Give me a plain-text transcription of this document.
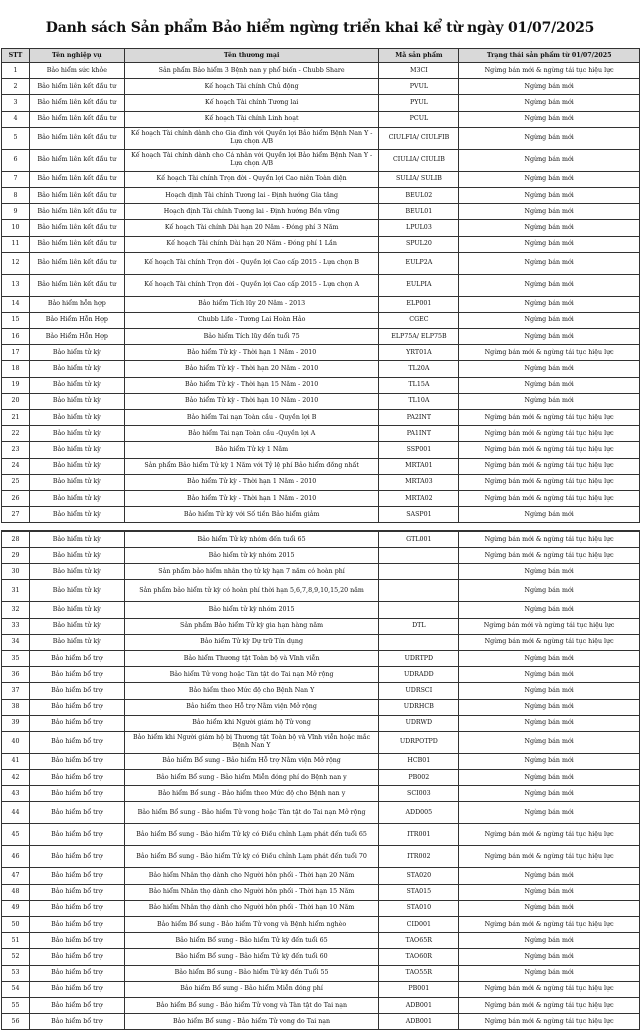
Danh sách Sản phẩm Bảo hiểm ngừng triển khai kể từ ngày 01/07/2025
STT	Tên nghiệp vụ	Tên thương mại	Mã sản phẩm	Trạng thái sản phẩm từ 01/07/2025
1	Bảo hiểm sức khỏe	Sản phẩm Bảo hiểm 3 Bệnh nan y phổ biến - Chubb Share	M3CI	Ngừng bán mới & ngừng tái tục hiệu lực
2	Bảo hiểm liên kết đầu tư	Kế hoạch Tài chính Chủ động	PVUL	Ngừng bán mới
3	Bảo hiểm liên kết đầu tư	Kế hoạch Tài chính Tương lai	PYUL	Ngừng bán mới
4	Bảo hiểm liên kết đầu tư	Kế hoạch Tài chính Linh hoạt	PCUL	Ngừng bán mới
5	Bảo hiểm liên kết đầu tư	Kế hoạch Tài chính dành cho Gia đình với Quyền lợi Bảo hiểm Bệnh Nan Y - Lựa chọn A/B	CIULFIA/ CIULFIB	Ngừng bán mới
6	Bảo hiểm liên kết đầu tư	Kế hoạch Tài chính dành cho Cá nhân với Quyền lợi Bảo hiểm Bệnh Nan Y - Lựa chọn A/B	CIULIA/ CIULIB	Ngừng bán mới
7	Bảo hiểm liên kết đầu tư	Kế hoạch Tài chính Trọn đời - Quyền lợi Cao niên Toàn diện	SULIA/ SULIB	Ngừng bán mới
8	Bảo hiểm liên kết đầu tư	Hoạch định Tài chính Tương lai - Định hướng Gia tăng	BEUL02	Ngừng bán mới
9	Bảo hiểm liên kết đầu tư	Hoạch định Tài chính Tương lai - Định hướng Bền vững	BEUL01	Ngừng bán mới
10	Bảo hiểm liên kết đầu tư	Kế hoạch Tài chính Dài hạn 20 Năm - Đóng phí 3 Năm	LPUL03	Ngừng bán mới
11	Bảo hiểm liên kết đầu tư	Kế hoạch Tài chính Dài hạn 20 Năm - Đóng phí 1 Lần	SPUL20	Ngừng bán mới
12	Bảo hiểm liên kết đầu tư	Kế hoạch Tài chính Trọn đời - Quyền lợi Cao cấp 2015 - Lựa chọn B	EULP2A	Ngừng bán mới
13	Bảo hiểm liên kết đầu tư	Kế hoạch Tài chính Trọn đời - Quyền lợi Cao cấp 2015 - Lựa chọn A	EULPIA	Ngừng bán mới
14	Bảo hiểm hỗn hợp	Bảo hiểm Tích lũy 20 Năm - 2013	ELP001	Ngừng bán mới
15	Bảo Hiểm Hỗn Hợp	Chubb Life - Tương Lai Hoàn Hảo	CGEC	Ngừng bán mới
16	Bảo Hiểm Hỗn Hợp	Bảo hiểm Tích lũy đến tuổi 75	ELP75A/ ELP75B	Ngừng bán mới
17	Bảo hiểm tử kỳ	Bảo hiểm Tử kỳ - Thời hạn 1 Năm - 2010	YRT01A	Ngừng bán mới & ngừng tái tục hiệu lực
18	Bảo hiểm tử kỳ	Bảo hiểm Tử kỳ - Thời hạn 20 Năm - 2010	TL20A	Ngừng bán mới
19	Bảo hiểm tử kỳ	Bảo hiểm Tử kỳ - Thời hạn 15 Năm - 2010	TL15A	Ngừng bán mới
20	Bảo hiểm tử kỳ	Bảo hiểm Tử kỳ - Thời hạn 10 Năm - 2010	TL10A	Ngừng bán mới
21	Bảo hiểm tử kỳ	Bảo hiểm Tai nạn Toàn cầu - Quyền lợi B	PA2INT	Ngừng bán mới & ngừng tái tục hiệu lực
22	Bảo hiểm tử kỳ	Bảo hiểm Tai nạn Toàn cầu -Quyền lợi A	PA1INT	Ngừng bán mới & ngừng tái tục hiệu lực
23	Bảo hiểm tử kỳ	Bảo hiểm Tử kỳ 1 Năm	SSP001	Ngừng bán mới & ngừng tái tục hiệu lực
24	Bảo hiểm tử kỳ	Sản phẩm Bảo hiểm Tử kỳ 1 Năm với Tỷ lệ phí Bảo hiểm đồng nhất	MRTA01	Ngừng bán mới & ngừng tái tục hiệu lực
25	Bảo hiểm tử kỳ	Bảo hiểm Tử kỳ - Thời hạn 1 Năm - 2010	MRTA03	Ngừng bán mới & ngừng tái tục hiệu lực
26	Bảo hiểm tử kỳ	Bảo hiểm Tử kỳ - Thời hạn 1 Năm - 2010	MRTA02	Ngừng bán mới & ngừng tái tục hiệu lực
27	Bảo hiểm tử kỳ	Bảo hiểm Tử kỳ với Số tiền Bảo hiểm giảm	SASP01	Ngừng bán mới
28	Bảo hiểm tử kỳ	Bảo hiểm Tử kỳ nhóm đến tuổi 65	GTL001	Ngừng bán mới & ngừng tái tục hiệu lực
29	Bảo hiểm tử kỳ	Bảo hiểm tử kỳ nhóm 2015		Ngừng bán mới & ngừng tái tục hiệu lực
30	Bảo hiểm tử kỳ	Sản phẩm bảo hiểm nhân thọ tử kỳ hạn 7 năm có hoàn phí		Ngừng bán mới
31	Bảo hiểm tử kỳ	Sản phẩm bảo hiểm tử kỳ có hoàn phí thời hạn 5,6,7,8,9,10,15,20 năm		Ngừng bán mới
32	Bảo hiểm tử kỳ	Bảo hiểm tử kỳ nhóm 2015		Ngừng bán mới
33	Bảo hiểm tử kỳ	Sản phẩm Bảo hiểm Tử kỳ gia hạn hàng năm	DTL	Ngừng bán mới và ngừng tái tục hiệu lực
34	Bảo hiểm tử kỳ	Bảo hiểm Tử kỳ Dự trữ Tín dụng		Ngừng bán mới & ngừng tái tục hiệu lực
35	Bảo hiểm bổ trợ	Bảo hiểm Thương tật Toàn bộ và Vĩnh viễn	UDRTPD	Ngừng bán mới
36	Bảo hiểm bổ trợ	Bảo hiểm Tử vong hoặc Tàn tật do Tai nạn Mở rộng	UDRADD	Ngừng bán mới
37	Bảo hiểm bổ trợ	Bảo hiểm theo Mức độ cho Bệnh Nan Y	UDRSCI	Ngừng bán mới
38	Bảo hiểm bổ trợ	Bảo hiểm theo Hỗ trợ Nằm viện Mở rộng	UDRHCB	Ngừng bán mới
39	Bảo hiểm bổ trợ	Bảo hiểm khi Người giám hộ Tử vong	UDRWD	Ngừng bán mới
40	Bảo hiểm bổ trợ	Bảo hiểm khi Người giám hộ bị Thương tật Toàn bộ và Vĩnh viễn hoặc mắc Bệnh Nan Y	UDRPOTPD	Ngừng bán mới
41	Bảo hiểm bổ trợ	Bảo hiểm Bổ sung - Bảo hiểm Hỗ trợ Nằm viện Mở rộng	HCB01	Ngừng bán mới
42	Bảo hiểm bổ trợ	Bảo hiểm Bổ sung - Bảo hiểm Miễn đóng phí do Bệnh nan y	PB002	Ngừng bán mới
43	Bảo hiểm bổ trợ	Bảo hiểm Bổ sung - Bảo hiểm theo Mức độ cho Bệnh nan y	SCI003	Ngừng bán mới
44	Bảo hiểm bổ trợ	Bảo hiểm Bổ sung - Bảo hiểm Tử vong hoặc Tàn tật do Tai nạn Mở rộng	ADD005	Ngừng bán mới
45	Bảo hiểm bổ trợ	Bảo hiểm Bổ sung - Bảo hiểm Tử kỳ có Điều chỉnh Lạm phát đến tuổi 65	ITR001	Ngừng bán mới & ngừng tái tục hiệu lực
46	Bảo hiểm bổ trợ	Bảo hiểm Bổ sung - Bảo hiểm Tử kỳ có Điều chỉnh Lạm phát đến tuổi 70	ITR002	Ngừng bán mới & ngừng tái tục hiệu lực
47	Bảo hiểm bổ trợ	Bảo hiểm Nhân thọ dành cho Người hôn phối - Thời hạn 20 Năm	STA020	Ngừng bán mới
48	Bảo hiểm bổ trợ	Bảo hiểm Nhân thọ dành cho Người hôn phối - Thời hạn 15 Năm	STA015	Ngừng bán mới
49	Bảo hiểm bổ trợ	Bảo hiểm Nhân thọ dành cho Người hôn phối - Thời hạn 10 Năm	STA010	Ngừng bán mới
50	Bảo hiểm bổ trợ	Bảo hiểm Bổ sung - Bảo hiểm Tử vong và Bệnh hiểm nghèo	CID001	Ngừng bán mới & ngừng tái tục hiệu lực
51	Bảo hiểm bổ trợ	Bảo hiểm Bổ sung - Bảo hiểm Tử kỳ đến tuổi 65	TAO65R	Ngừng bán mới
52	Bảo hiểm bổ trợ	Bảo hiểm Bổ sung - Bảo hiểm Tử kỳ đến tuổi 60	TAO60R	Ngừng bán mới
53	Bảo hiểm bổ trợ	Bảo hiểm Bổ sung - Bảo hiểm Tử kỳ đến Tuổi 55	TAO55R	Ngừng bán mới
54	Bảo hiểm bổ trợ	Bảo hiểm Bổ sung - Bảo hiểm Miễn đóng phí	PB001	Ngừng bán mới & ngừng tái tục hiệu lực
55	Bảo hiểm bổ trợ	Bảo hiểm Bổ sung - Bảo hiểm Tử vong và Tàn tật do Tai nạn	ADB001	Ngừng bán mới & ngừng tái tục hiệu lực
56	Bảo hiểm bổ trợ	Bảo hiểm Bổ sung - Bảo hiểm Tử vong do Tai nạn	ADB001	Ngừng bán mới & ngừng tái tục hiệu lực
